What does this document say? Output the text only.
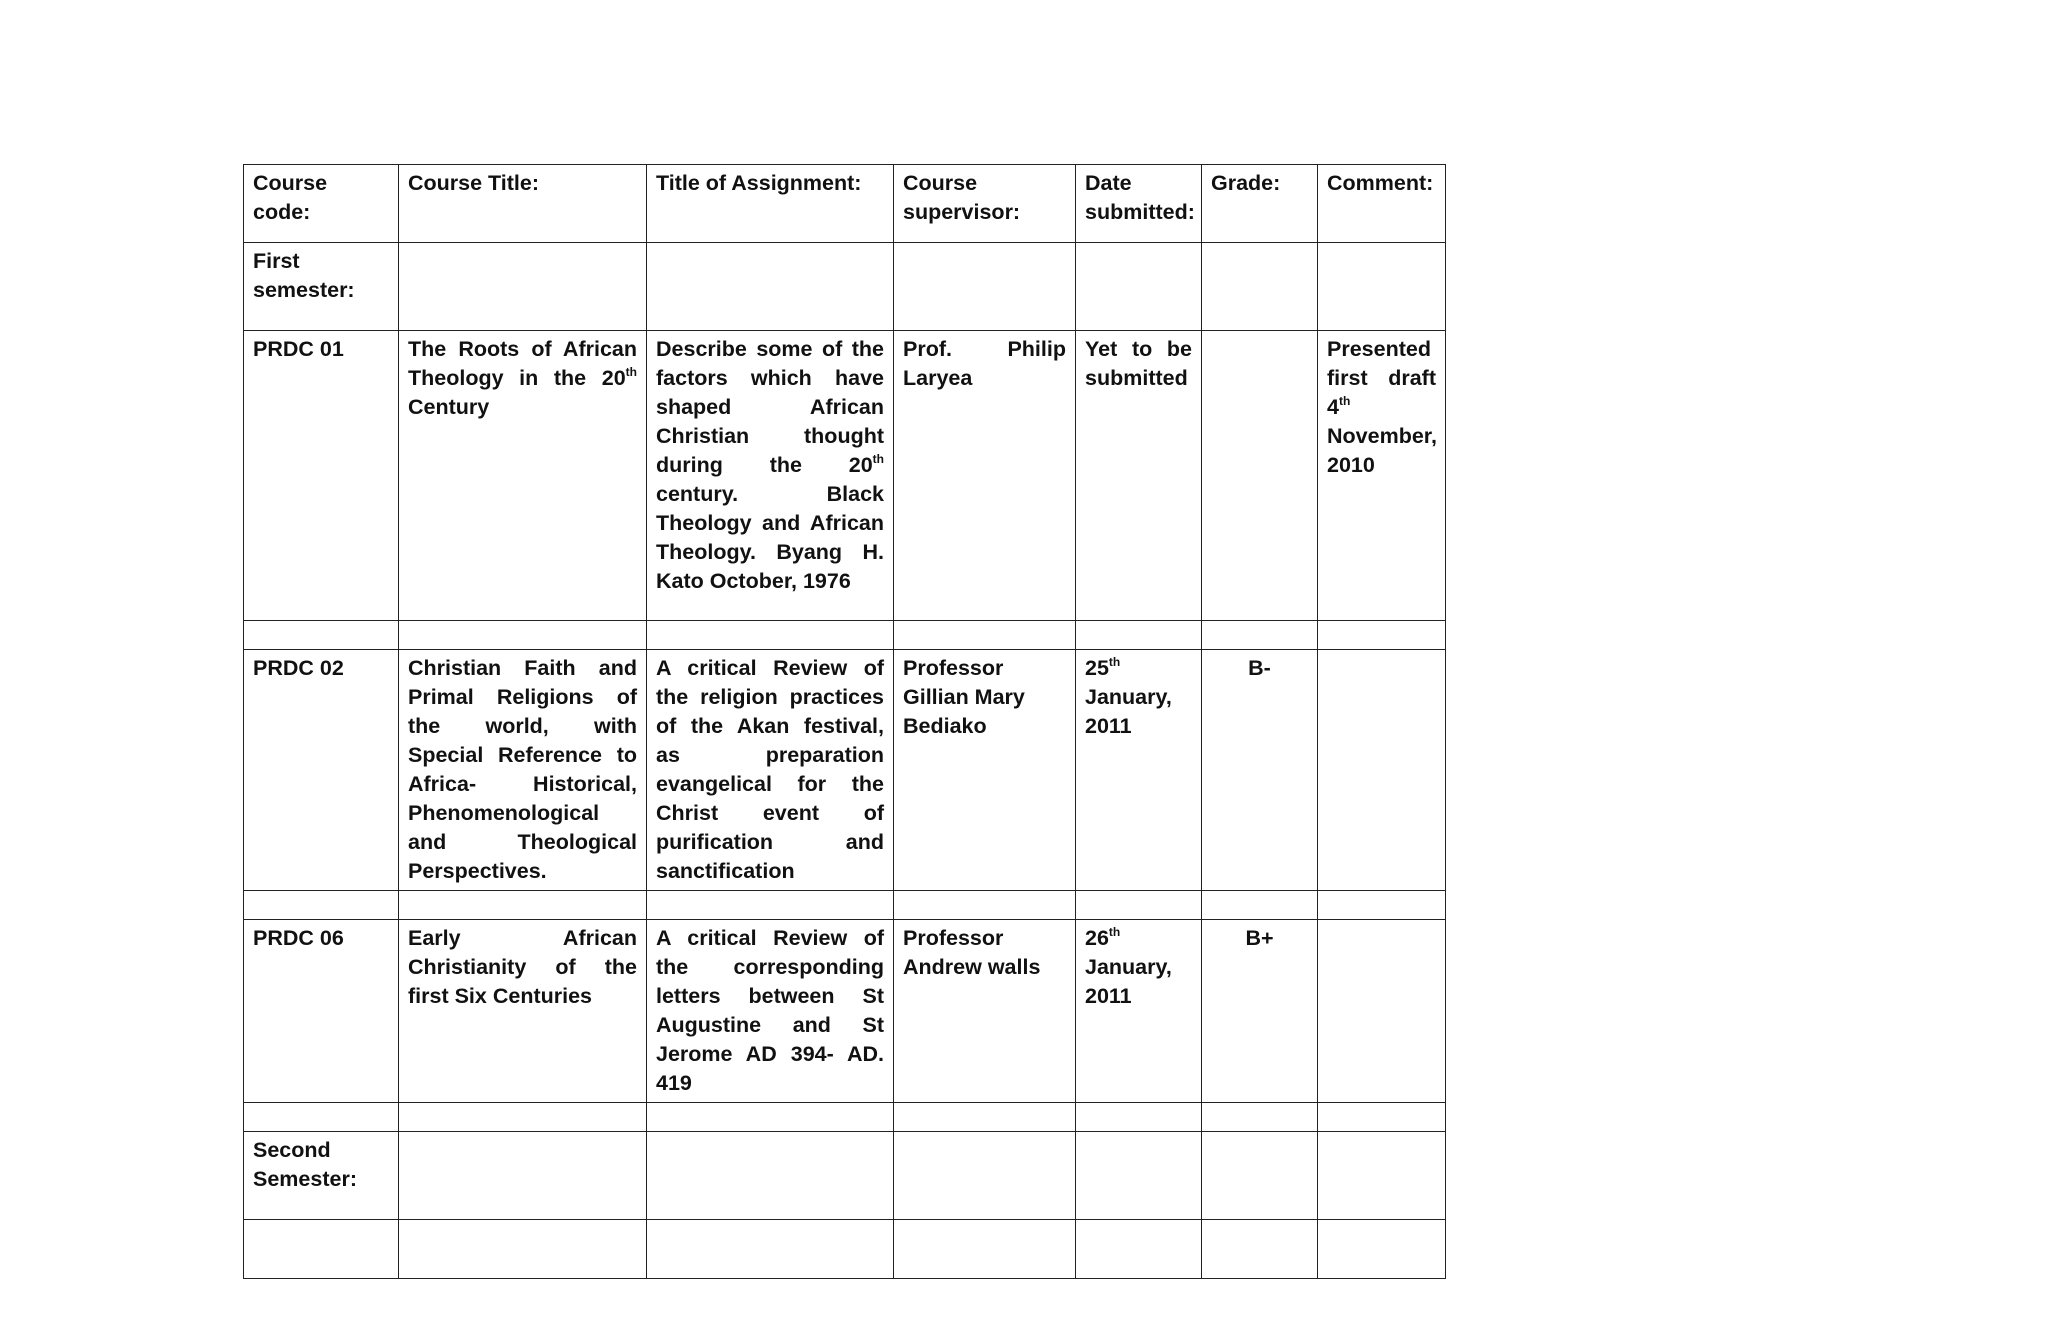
Course code:	Course Title:	Title of Assignment:	Course supervisor:	Date submitted:	Grade:	Comment:
First semester:						
PRDC 01	The Roots of African Theology in the 20th Century	Describe some of the factors which have shaped African Christian thought during the 20th century. Black Theology and African Theology. Byang H. Kato October, 1976	Prof. Philip Laryea	Yet to be submitted		Presented first draft 4th November, 2010

PRDC 02	Christian Faith and Primal Religions of the world, with Special Reference to Africa- Historical, Phenomenological and Theological Perspectives.	A critical Review of the religion practices of the Akan festival, as preparation evangelical for the Christ event of purification and sanctification	Professor Gillian Mary Bediako	25th January, 2011	B-	

PRDC 06	Early African Christianity of the first Six Centuries	A critical Review of the corresponding letters between St Augustine and St Jerome AD 394- AD. 419	Professor Andrew walls	26th January, 2011	B+	

Second Semester:						
